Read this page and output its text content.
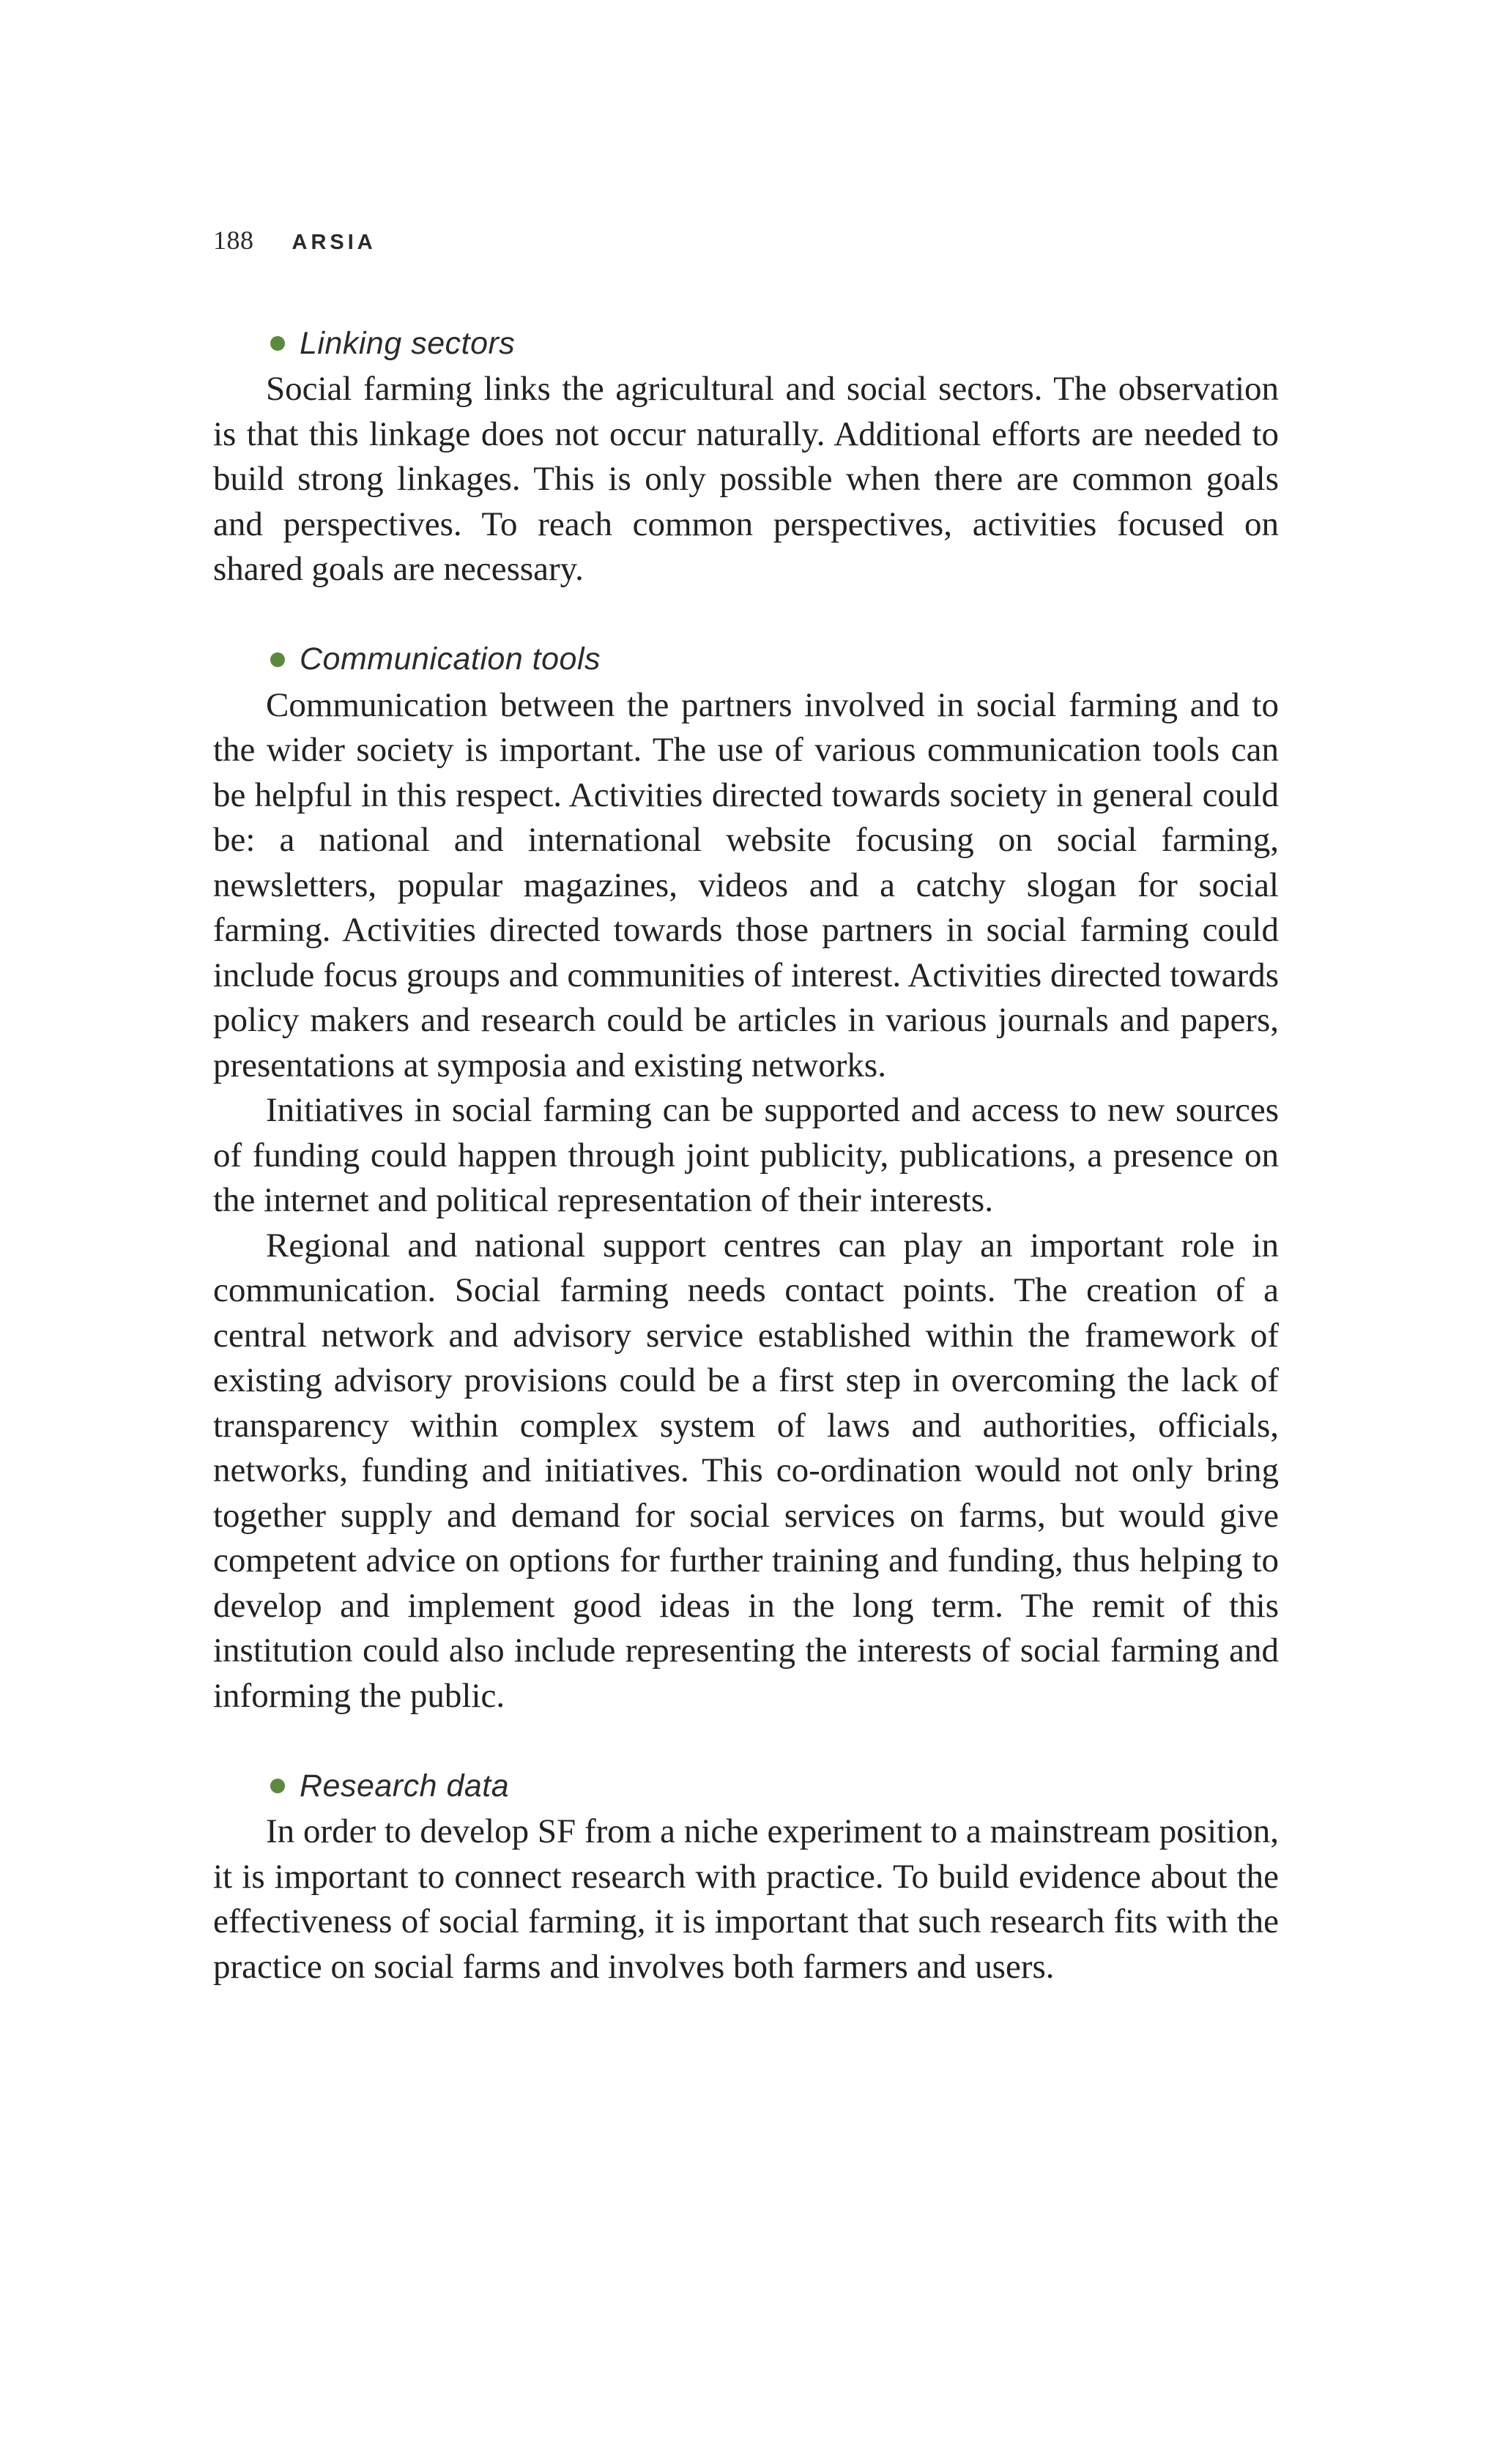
188 ARSIA
Linking sectors

Social farming links the agricultural and social sectors. The observation is that this linkage does not occur naturally. Additional efforts are needed to build strong linkages. This is only possible when there are common goals and perspectives. To reach common perspectives, activities focused on shared goals are necessary.

Communication tools

Communication between the partners involved in social farming and to the wider society is important. The use of various communication tools can be helpful in this respect. Activities directed towards society in general could be: a national and international website focusing on social farming, newsletters, popular magazines, videos and a catchy slogan for social farming. Activities directed towards those partners in social farming could include focus groups and communities of interest. Activities directed towards policy makers and research could be articles in various journals and papers, presentations at symposia and existing networks.

Initiatives in social farming can be supported and access to new sources of funding could happen through joint publicity, publications, a presence on the internet and political representation of their interests.

Regional and national support centres can play an important role in communication. Social farming needs contact points. The creation of a central network and advisory service established within the framework of existing advisory provisions could be a first step in overcoming the lack of transparency within complex system of laws and authorities, officials, networks, funding and initiatives. This co-ordination would not only bring together supply and demand for social services on farms, but would give competent advice on options for further training and funding, thus helping to develop and implement good ideas in the long term. The remit of this institution could also include representing the interests of social farming and informing the public.

Research data

In order to develop SF from a niche experiment to a mainstream position, it is important to connect research with practice. To build evidence about the effectiveness of social farming, it is important that such research fits with the practice on social farms and involves both farmers and users.
